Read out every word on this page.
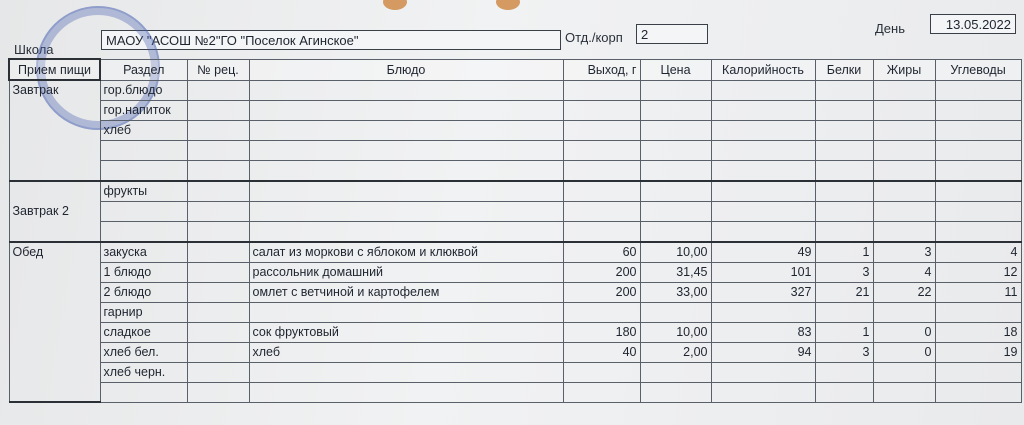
Школа
МАОУ "АСОШ №2"ГО "Поселок Агинское"	Отд./корп	2	День	13.05.2022
Прием пищи	Раздел	№ рец.	Блюдо	Выход, г	Цена	Калорийность	Белки	Жиры	Углеводы
Завтрак	гор.блюдо								
	гор.напиток								
	хлеб								

Завтрак 2	фрукты								

Обед	закуска		салат из моркови с яблоком и клюквой	60	10,00	49	1	3	4
	1 блюдо		рассольник домашний	200	31,45	101	3	4	12
	2 блюдо		омлет с ветчиной и картофелем	200	33,00	327	21	22	11
	гарнир								
	сладкое		сок фруктовый	180	10,00	83	1	0	18
	хлеб бел.		хлеб	40	2,00	94	3	0	19
	хлеб черн.								
